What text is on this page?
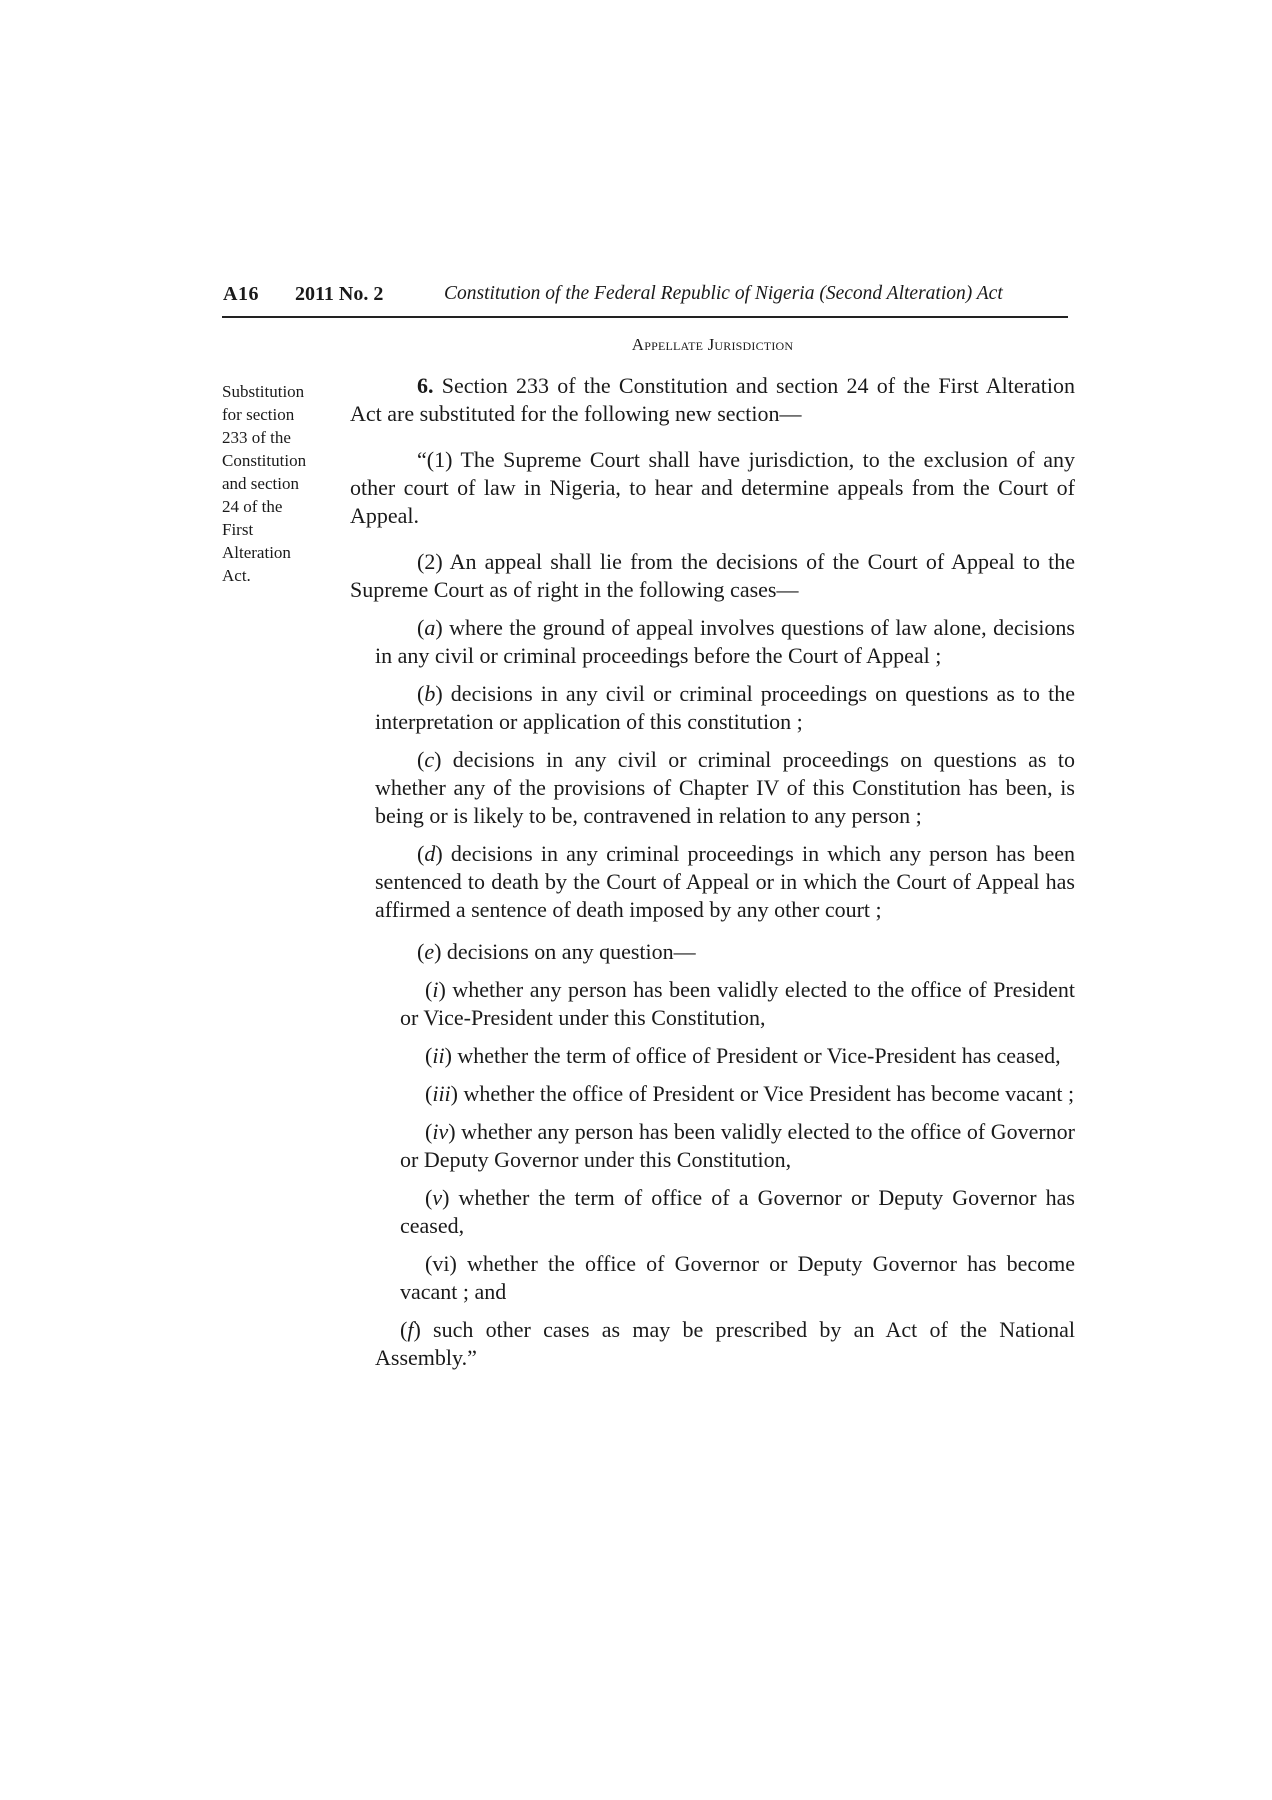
A16 2011 No. 2	Constitution of the Federal Republic of Nigeria (Second Alteration) Act
Appellate Jurisdiction
Substitution
for section
233 of the
Constitution
and section
24 of the
First
Alteration
Act.

6. Section 233 of the Constitution and section 24 of the First Alteration Act are substituted for the following new section—

“(1) The Supreme Court shall have jurisdiction, to the exclusion of any other court of law in Nigeria, to hear and determine appeals from the Court of Appeal.

(2) An appeal shall lie from the decisions of the Court of Appeal to the Supreme Court as of right in the following cases—

(a) where the ground of appeal involves questions of law alone, decisions in any civil or criminal proceedings before the Court of Appeal ;

(b) decisions in any civil or criminal proceedings on questions as to the interpretation or application of this constitution ;

(c) decisions in any civil or criminal proceedings on questions as to whether any of the provisions of Chapter IV of this Constitution has been, is being or is likely to be, contravened in relation to any person ;

(d) decisions in any criminal proceedings in which any person has been sentenced to death by the Court of Appeal or in which the Court of Appeal has affirmed a sentence of death imposed by any other court ;

(e) decisions on any question—

(i) whether any person has been validly elected to the office of President or Vice-President under this Constitution,

(ii) whether the term of office of President or Vice-President has ceased,

(iii) whether the office of President or Vice President has become vacant ;

(iv) whether any person has been validly elected to the office of Governor or Deputy Governor under this Constitution,

(v) whether the term of office of a Governor or Deputy Governor has ceased,

(vi) whether the office of Governor or Deputy Governor has become vacant ; and

(f) such other cases as may be prescribed by an Act of the National Assembly.”
